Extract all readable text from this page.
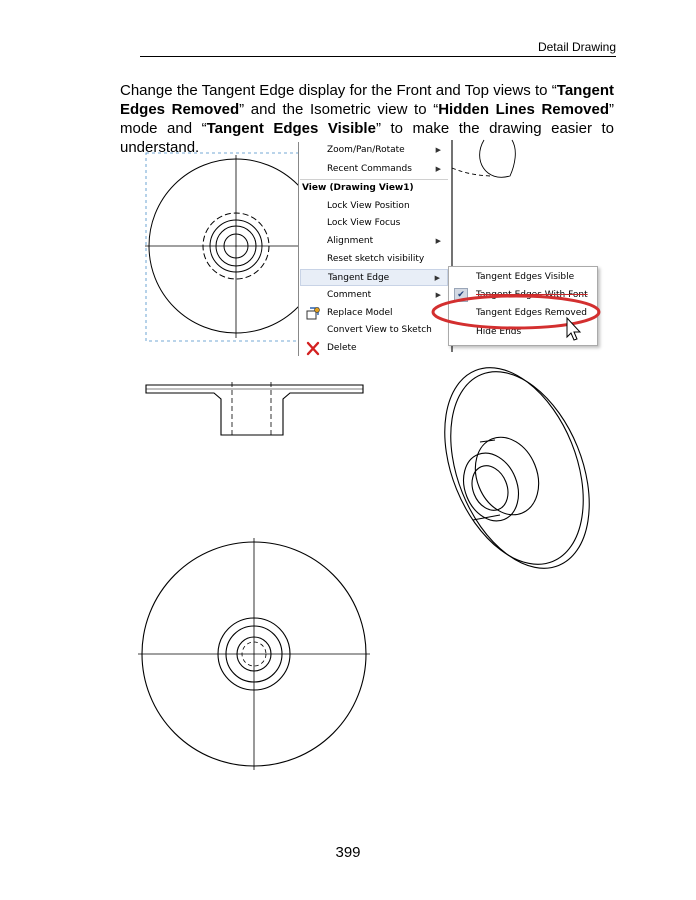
Detail Drawing
Change the Tangent Edge display for the Front and Top views to “Tangent Edges Removed” and the Isometric view to “Hidden Lines Removed” mode and “Tangent Edges Visible” to make the drawing easier to understand.	Zoom/Pan/Rotate	▶
Recent Commands	▶
View (Drawing View1)
Lock View Position
Lock View Focus
Alignment	▶
Reset sketch visibility
Tangent Edge	▶
Comment	▶
Replace Model
Convert View to Sketch
Delete
Tangent Edges Visible
✔	Tangent Edges With Font
Tangent Edges Removed
Hide Ends
399
